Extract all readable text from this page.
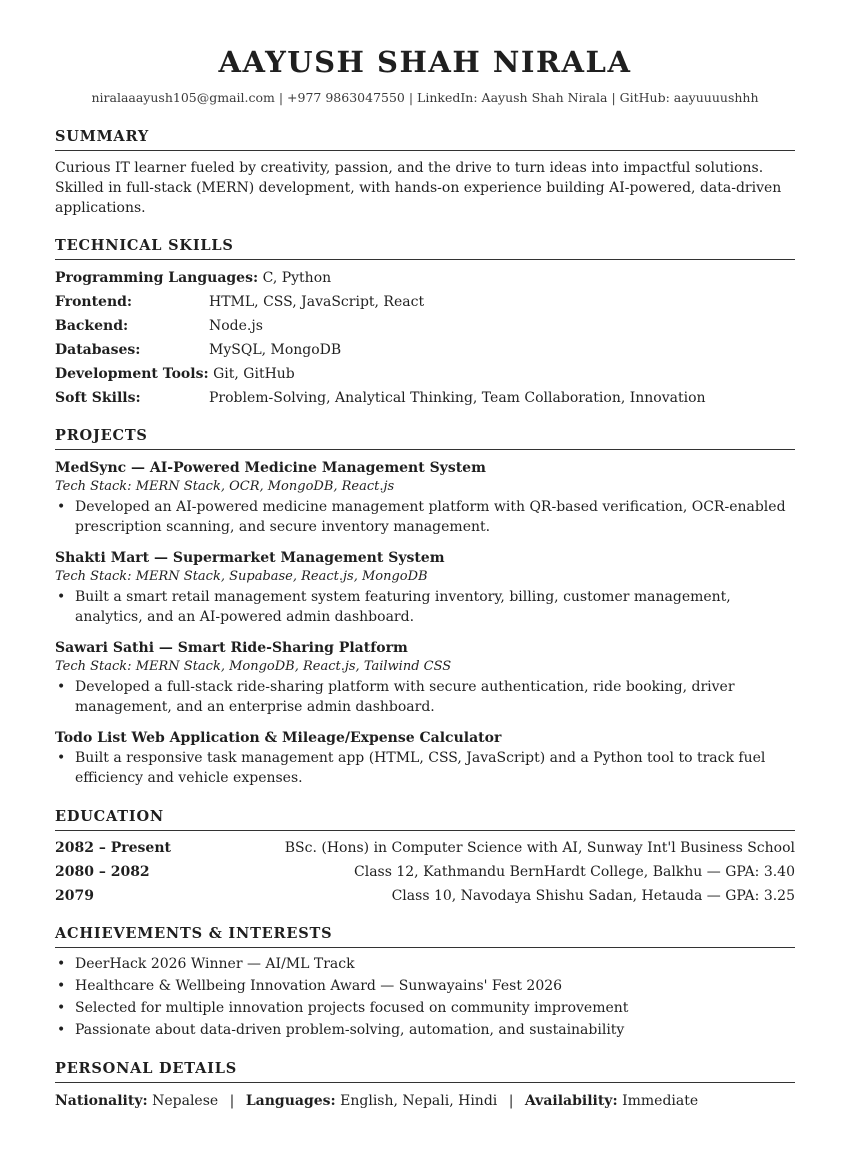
AAYUSH SHAH NIRALA
niralaaayush105@gmail.com | +977 9863047550 | LinkedIn: Aayush Shah Nirala | GitHub: aayuuuushhh
SUMMARY
Curious IT learner fueled by creativity, passion, and the drive to turn ideas into impactful solutions.
Skilled in full-stack (MERN) development, with hands-on experience building AI-powered, data-driven
applications.
TECHNICAL SKILLS
Programming Languages: C, Python
Frontend:	HTML, CSS, JavaScript, React
Backend:	Node.js
Databases:	MySQL, MongoDB
Development Tools: Git, GitHub
Soft Skills:	Problem-Solving, Analytical Thinking, Team Collaboration, Innovation
PROJECTS
MedSync — AI-Powered Medicine Management System
Tech Stack: MERN Stack, OCR, MongoDB, React.js
• Developed an AI-powered medicine management platform with QR-based verification, OCR-enabled
prescription scanning, and secure inventory management.
Shakti Mart — Supermarket Management System
Tech Stack: MERN Stack, Supabase, React.js, MongoDB
• Built a smart retail management system featuring inventory, billing, customer management,
analytics, and an AI-powered admin dashboard.
Sawari Sathi — Smart Ride-Sharing Platform
Tech Stack: MERN Stack, MongoDB, React.js, Tailwind CSS
• Developed a full-stack ride-sharing platform with secure authentication, ride booking, driver
management, and an enterprise admin dashboard.
Todo List Web Application & Mileage/Expense Calculator
• Built a responsive task management app (HTML, CSS, JavaScript) and a Python tool to track fuel
efficiency and vehicle expenses.
EDUCATION
2082 – Present	BSc. (Hons) in Computer Science with AI, Sunway Int'l Business School
2080 – 2082	Class 12, Kathmandu BernHardt College, Balkhu — GPA: 3.40
2079	Class 10, Navodaya Shishu Sadan, Hetauda — GPA: 3.25
ACHIEVEMENTS & INTERESTS
• DeerHack 2026 Winner — AI/ML Track
• Healthcare & Wellbeing Innovation Award — Sunwayains' Fest 2026
• Selected for multiple innovation projects focused on community improvement
• Passionate about data-driven problem-solving, automation, and sustainability
PERSONAL DETAILS
Nationality: Nepalese | Languages: English, Nepali, Hindi | Availability: Immediate
